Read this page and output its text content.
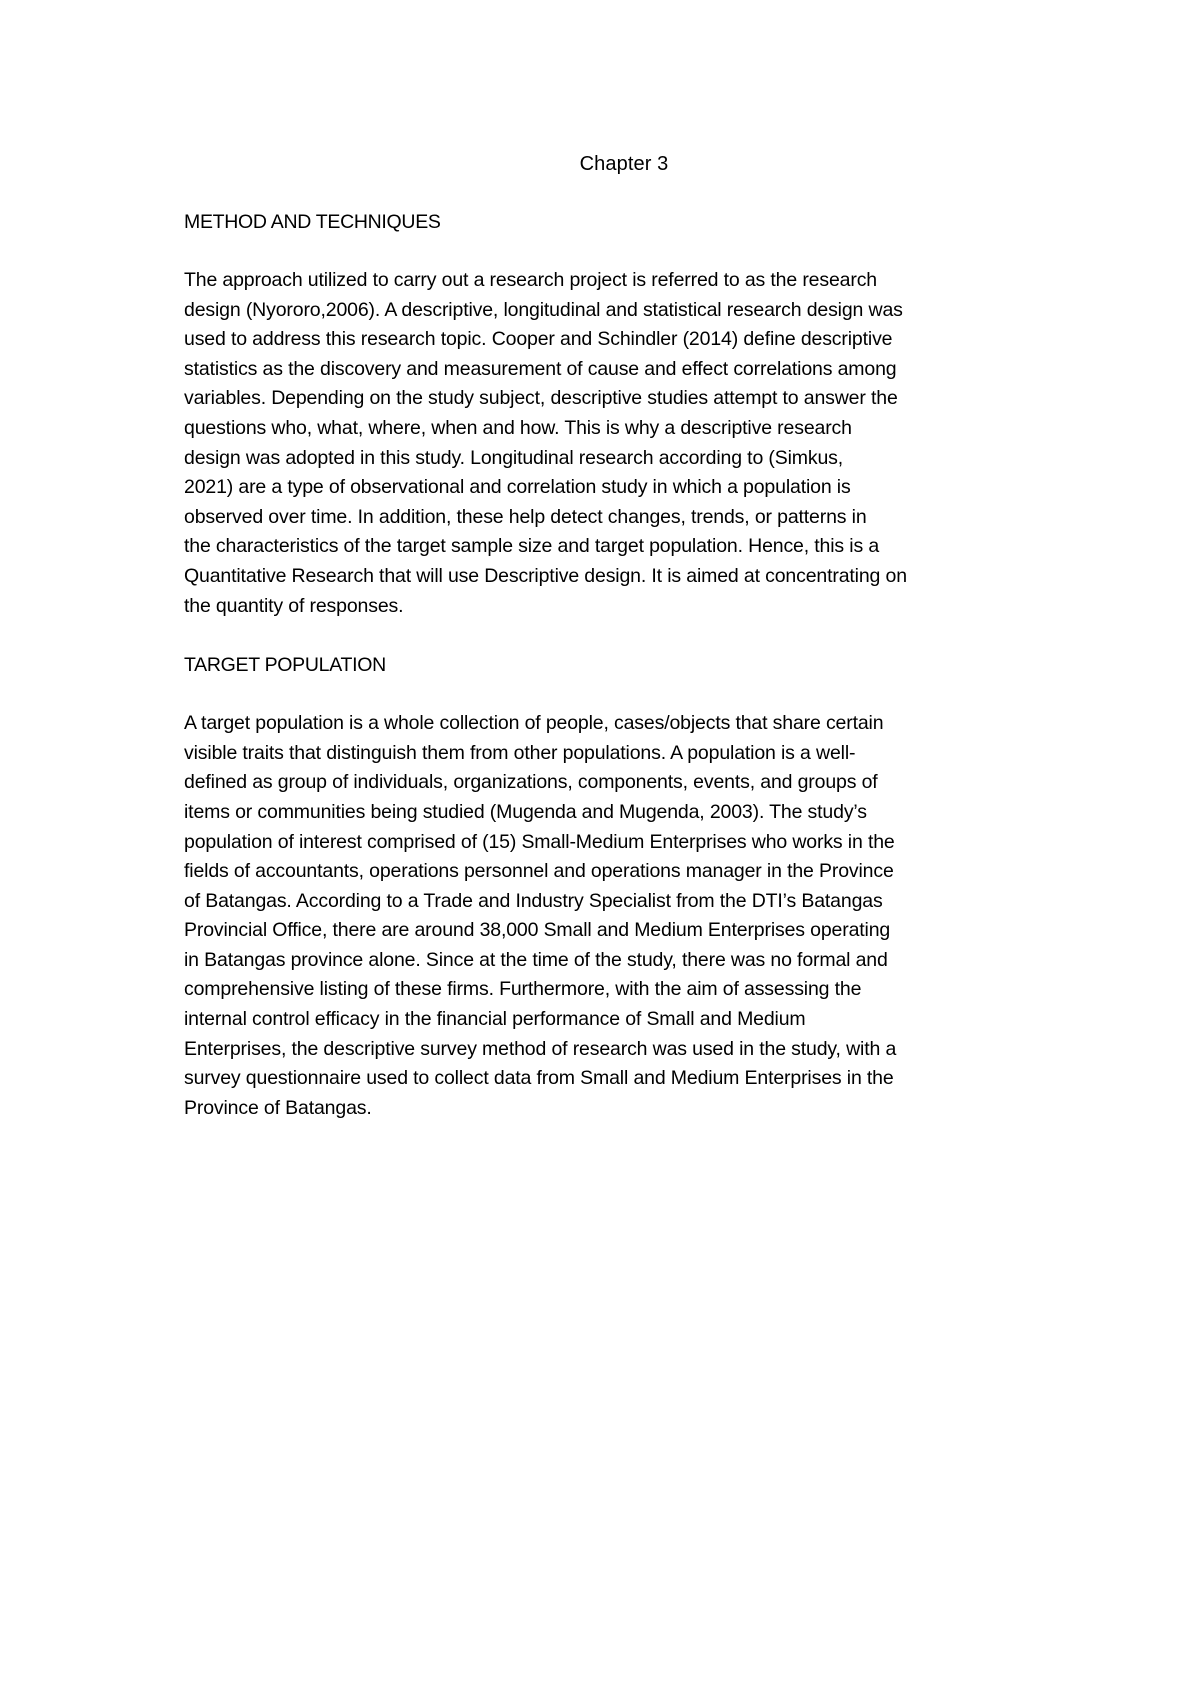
Chapter 3
METHOD AND TECHNIQUES

The approach utilized to carry out a research project is referred to as the research
design (Nyororo,2006). A descriptive, longitudinal and statistical research design was
used to address this research topic. Cooper and Schindler (2014) define descriptive
statistics as the discovery and measurement of cause and effect correlations among
variables. Depending on the study subject, descriptive studies attempt to answer the
questions who, what, where, when and how. This is why a descriptive research
design was adopted in this study. Longitudinal research according to (Simkus,
2021) are a type of observational and correlation study in which a population is
observed over time. In addition, these help detect changes, trends, or patterns in
the characteristics of the target sample size and target population. Hence, this is a
Quantitative Research that will use Descriptive design. It is aimed at concentrating on
the quantity of responses.

TARGET POPULATION

A target population is a whole collection of people, cases/objects that share certain
visible traits that distinguish them from other populations. A population is a well-
defined as group of individuals, organizations, components, events, and groups of
items or communities being studied (Mugenda and Mugenda, 2003). The study’s
population of interest comprised of (15) Small-Medium Enterprises who works in the
fields of accountants, operations personnel and operations manager in the Province
of Batangas. According to a Trade and Industry Specialist from the DTI’s Batangas
Provincial Office, there are around 38,000 Small and Medium Enterprises operating
in Batangas province alone. Since at the time of the study, there was no formal and
comprehensive listing of these firms. Furthermore, with the aim of assessing the
internal control efficacy in the financial performance of Small and Medium
Enterprises, the descriptive survey method of research was used in the study, with a
survey questionnaire used to collect data from Small and Medium Enterprises in the
Province of Batangas.
